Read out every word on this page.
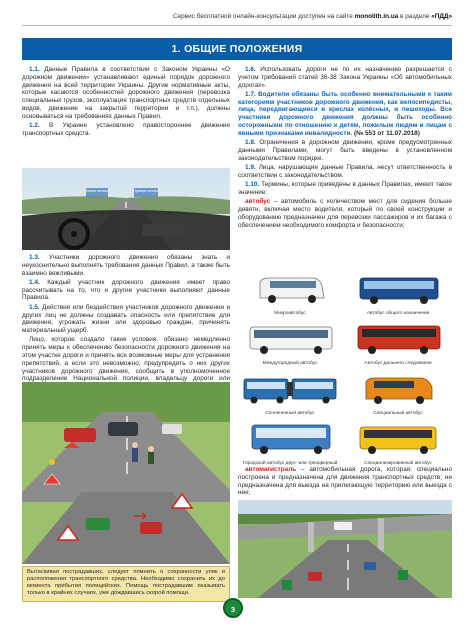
Сервис бесплатной онлайн-консультации доступен на сайте monolith.in.ua в разделе «ПДД»
1. ОБЩИЕ ПОЛОЖЕНИЯ

1.1. Данные Правила в соответствии с Законом Украины «О дорожном движении» устанавливают единый порядок дорожного движения на всей территории Украины. Другие нормативные акты, которые касаются особенностей дорожного движения (перевозка специальных грузов, эксплуатация транспортных средств отдельных видов, движение на закрытой территории и т.п.), должны основываться на требованиях данных Правил.

1.2. В Украине установлено правостороннее движение транспортных средств.

Левая полоса	Правая полоса

1.3. Участники дорожного движения обязаны знать и неукоснительно выполнять требования данных Правил, а также быть взаимно вежливыми.

1.4. Каждый участник дорожного движения имеет право рассчитывать на то, что и другие участники выполняют данные Правила.

1.5. Действия или бездействия участников дорожного движения и других лиц не должны создавать опасность или препятствие для движения, угрожать жизни или здоровью граждан, причинять материальный ущерб.

Лицо, которое создало такие условия, обязано немедленно принять меры к обеспечению безопасности дорожного движения на этом участке дороги и принять все возможные меры для устранения препятствий, а если это невозможно, предупредить о них других участников дорожного движения, сообщить в уполномоченное подразделение Национальной полиции, владельцу дороги или

Вытаскивая пострадавших, следует помнить о сохранности улик и расположения транспортного средства. Необходимо сохранить их до момента прибытия полицейских. Помощь пострадавшим оказывать только в крайних случаях, уже дождавшись скорой помощи.

1.6. Использовать дороги не по их назначению разрешается с учетом требований статей 36-38 Закона Украины «Об автомобильных дорогах».

1.7. Водители обязаны быть особенно внимательными к таким категориям участников дорожного движения, как велосипедисты, лица, передвигающиеся в креслах колёсных, и пешеходы. Все участники дорожного движения должны быть особенно осторожными по отношению к детям, пожилым людям и лицам с явными признаками инвалидности. (№ 553 от 11.07.2018)

1.8. Ограничения в дорожном движении, кроме предусмотренных данными Правилами, могут быть введены в установленном законодательством порядке.

1.9. Лица, нарушающие данные Правила, несут ответственность в соответствии с законодательством.

1.10. Термины, которые приведены в данных Правилах, имеют такое значение:

автобус – автомобиль с количеством мест для сидения больше девяти, включая место водителя, который по своей конструкции и оборудованию предназначен для перевозки пассажиров и их багажа с обеспечением необходимого комфорта и безопасности;

Микроавтобус	Автобус общего назначения
Междугородный автобус	Автобус дальнего следования
Сочлененный автобус	Специальный автобус
Городской автобус двух- или трехдверный	Специализированный автобус

автомагистраль – автомобильная дорога, которая: специально построена и предназначена для движения транспортных средств; не предназначена для выезда на прилегающую территорию или выезда с нее;

3
